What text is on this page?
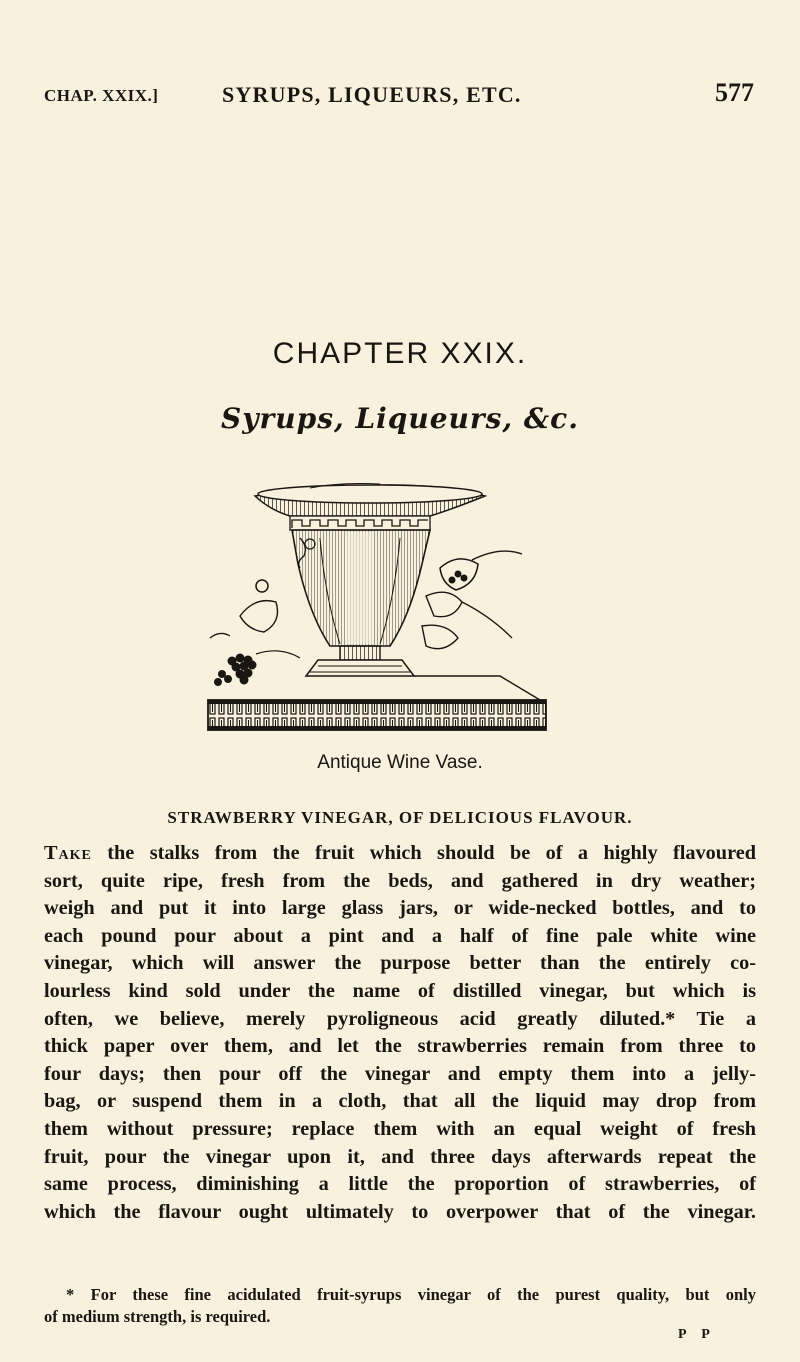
CHAP. XXIX.]	SYRUPS, LIQUEURS, ETC.	577
CHAPTER XXIX.
Syrups, Liqueurs, &c.
Antique Wine Vase.
STRAWBERRY VINEGAR, OF DELICIOUS FLAVOUR.
Take the stalks from the fruit which should be of a highly flavoured
sort, quite ripe, fresh from the beds, and gathered in dry weather;
weigh and put it into large glass jars, or wide-necked bottles, and to
each pound pour about a pint and a half of fine pale white wine
vinegar, which will answer the purpose better than the entirely co-
lourless kind sold under the name of distilled vinegar, but which is
often, we believe, merely pyroligneous acid greatly diluted.* Tie a
thick paper over them, and let the strawberries remain from three to
four days; then pour off the vinegar and empty them into a jelly-
bag, or suspend them in a cloth, that all the liquid may drop from
them without pressure; replace them with an equal weight of fresh
fruit, pour the vinegar upon it, and three days afterwards repeat the
same process, diminishing a little the proportion of strawberries, of
which the flavour ought ultimately to overpower that of the vinegar.
* For these fine acidulated fruit-syrups vinegar of the purest quality, but only
of medium strength, is required.
P P
